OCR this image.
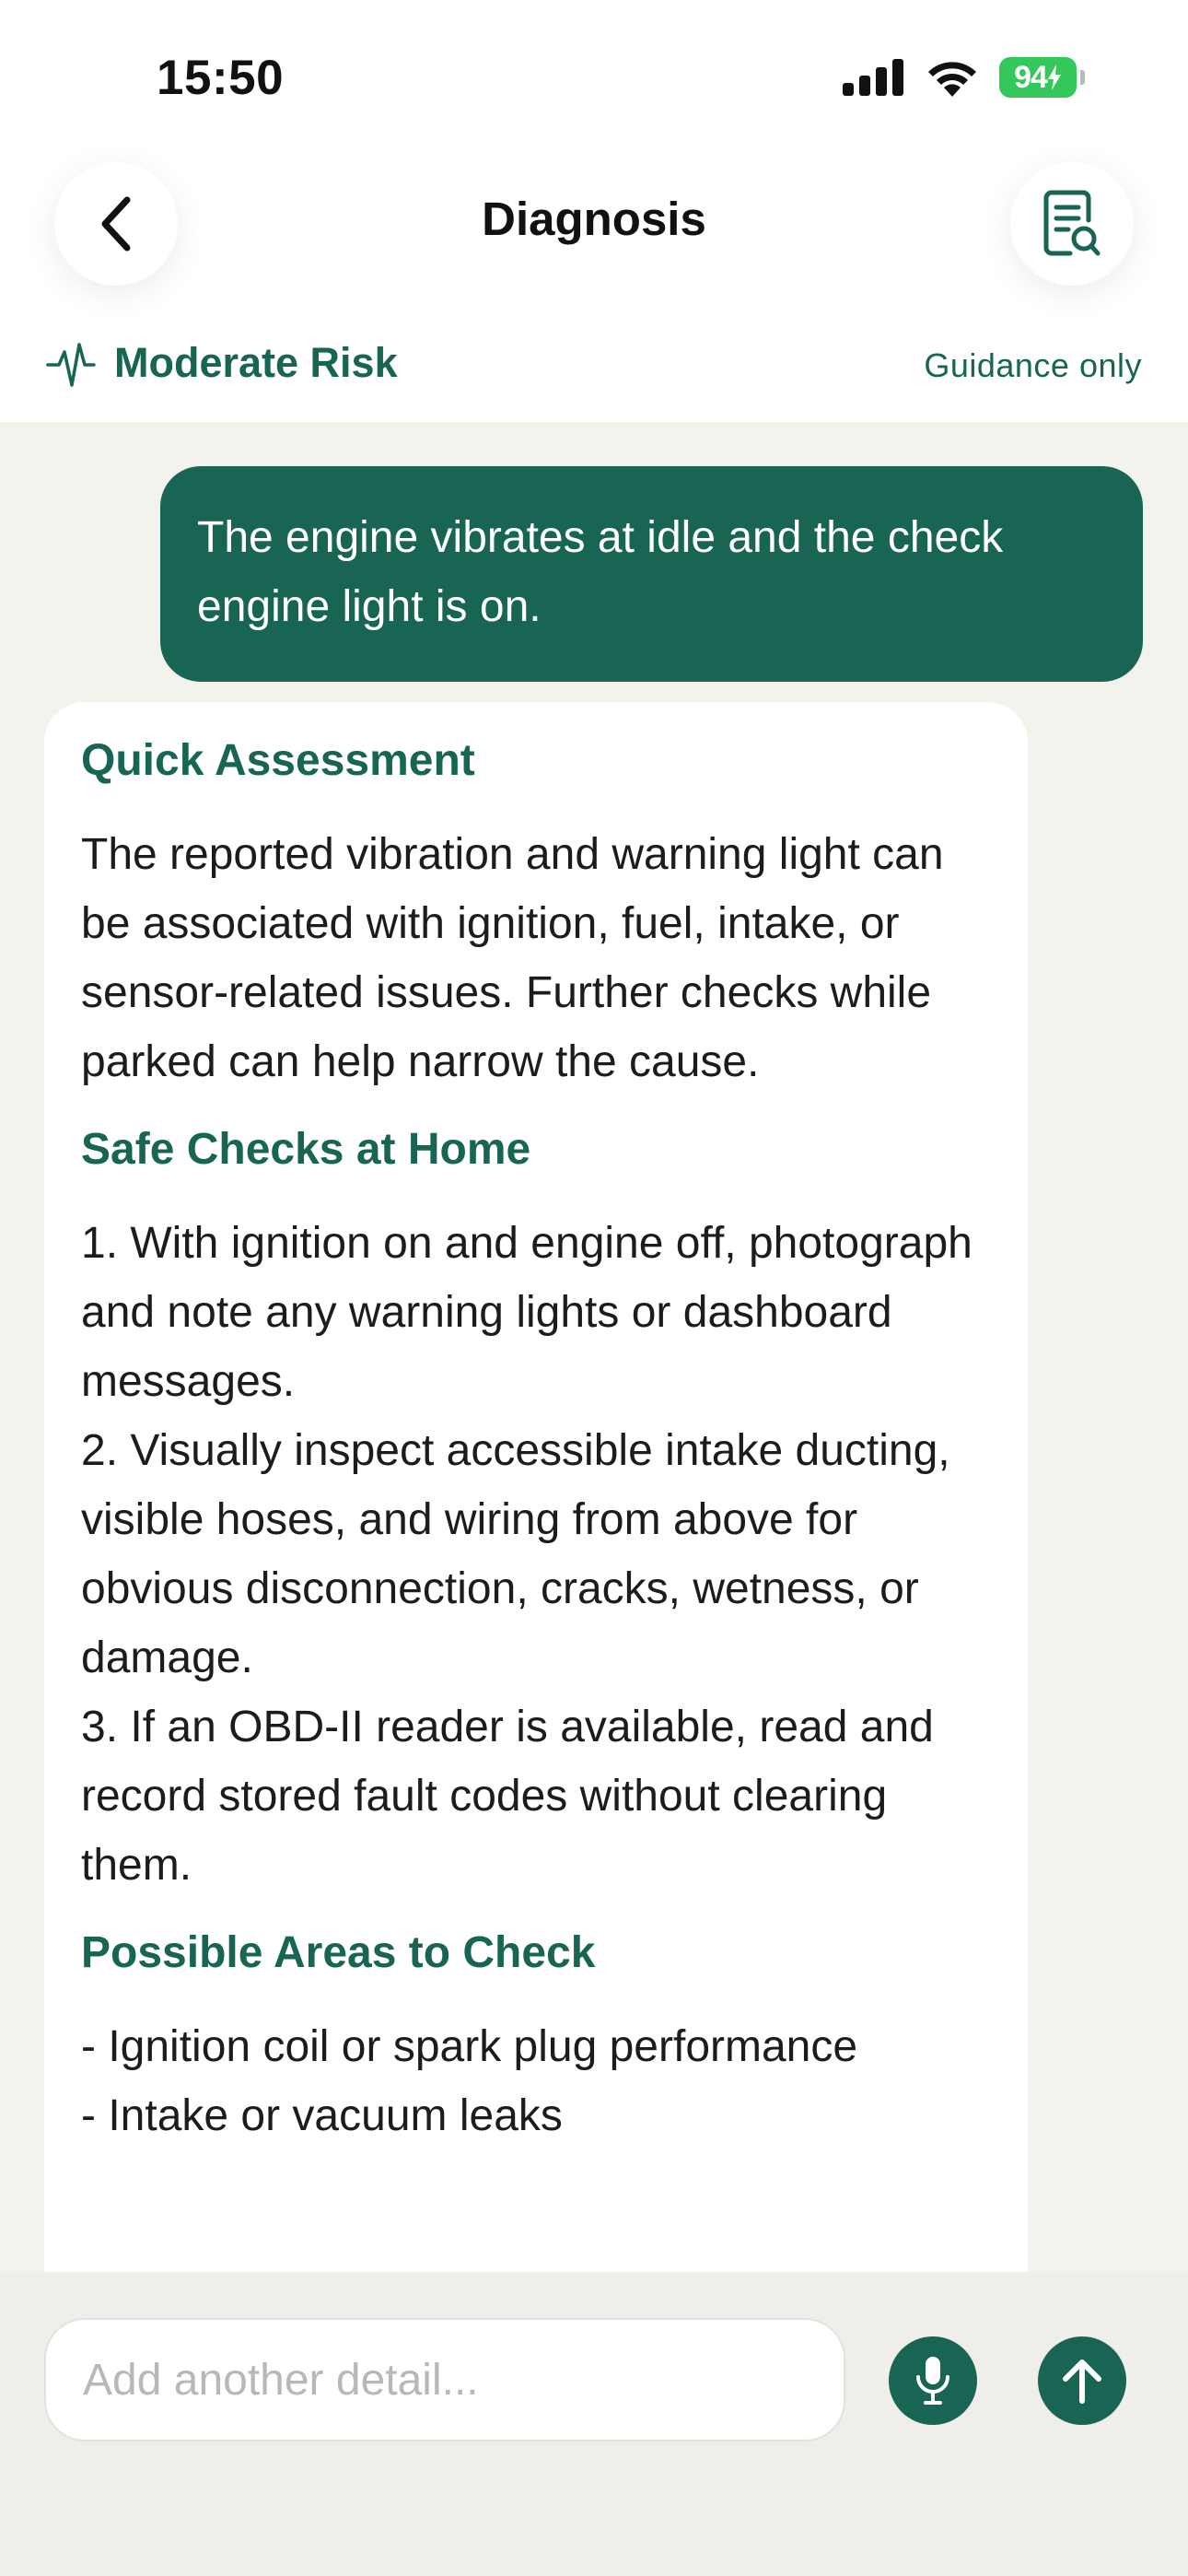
15:50	94
Diagnosis
Moderate Risk	Guidance only
The engine vibrates at idle and the check engine light is on.
Quick Assessment
The reported vibration and warning light can be associated with ignition, fuel, intake, or sensor-related issues. Further checks while parked can help narrow the cause.
Safe Checks at Home
1. With ignition on and engine off, photograph and note any warning lights or dashboard messages.
2. Visually inspect accessible intake ducting, visible hoses, and wiring from above for obvious disconnection, cracks, wetness, or damage.
3. If an OBD-II reader is available, read and record stored fault codes without clearing them.
Possible Areas to Check
- Ignition coil or spark plug performance
- Intake or vacuum leaks
Add another detail...
